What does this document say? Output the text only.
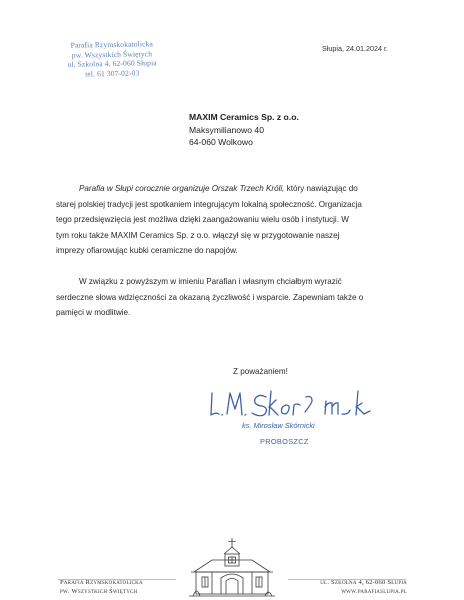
Parafia Rzymskokatolicka
pw. Wszystkich Świętych
ul. Szkolna 4, 62-060 Słupia
tel. 61 307-02-03
Słupia, 24.01.2024 r.
MAXIM Ceramics Sp. z o.o.
Maksymilianowo 40
64-060 Wolkowo
Parafia w Słupi corocznie organizuje Orszak Trzech Króli, który nawiązując do
starej polskiej tradycji jest spotkaniem integrującym lokalną społeczność. Organizacja
tego przedsięwzięcia jest możliwa dzięki zaangażowaniu wielu osób i instytucji. W
tym roku także MAXIM Ceramics Sp. z o.o. włączył się w przygotowanie naszej
imprezy ofiarowując kubki ceramiczne do napojów.
W związku z powyższym w imieniu Parafian i własnym chciałbym wyrazić
serdeczne słowa wdzięczności za okazaną życzliwość i wsparcie. Zapewniam także o
pamięci w modlitwie.
Z poważaniem!
ks. Mirosław Skórnicki
PROBOSZCZ
Parafia Rzymskokatolicka
pw. Wszystkich Świętych
ul. Szkolna 4, 62-060 Słupia
www.parafiaslupia.pl
